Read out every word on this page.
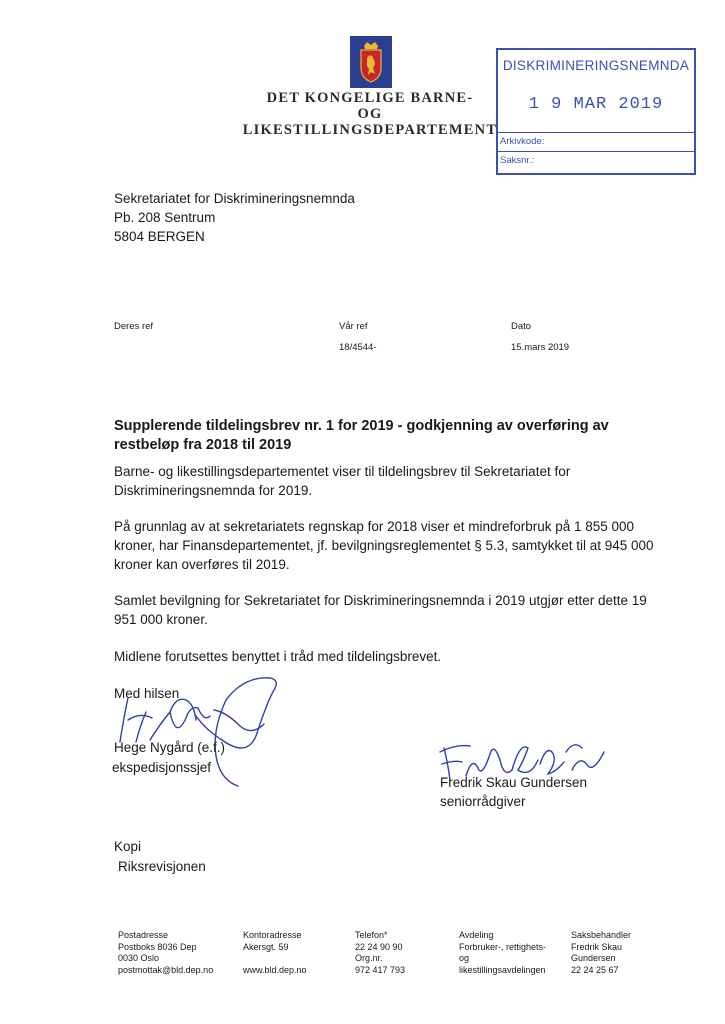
DET KONGELIGE BARNE-
OG LIKESTILLINGSDEPARTEMENT
DISKRIMINERINGSNEMNDA
1 9 MAR 2019
Arkivkode:
Saksnr.:
Sekretariatet for Diskrimineringsnemnda
Pb. 208 Sentrum
5804 BERGEN
Deres ref	Vår ref
18/4544-
Dato
15.mars 2019
Supplerende tildelingsbrev nr. 1 for 2019 - godkjenning av overføring av restbeløp fra 2018 til 2019
Barne- og likestillingsdepartementet viser til tildelingsbrev til Sekretariatet for Diskrimineringsnemnda for 2019.
På grunnlag av at sekretariatets regnskap for 2018 viser et mindreforbruk på 1 855 000 kroner, har Finansdepartementet, jf. bevilgningsreglementet § 5.3, samtykket til at 945 000 kroner kan overføres til 2019.
Samlet bevilgning for Sekretariatet for Diskrimineringsnemnda i 2019 utgjør etter dette 19 951 000 kroner.
Midlene forutsettes benyttet i tråd med tildelingsbrevet.
Med hilsen
Hege Nygård (e.f.)
ekspedisjonssjef
Fredrik Skau Gundersen
seniorrådgiver
Kopi
Riksrevisjonen
Postadresse
Postboks 8036 Dep
0030 Oslo
postmottak@bld.dep.no
Kontoradresse
Akersgt. 59
www.bld.dep.no
Telefon*
22 24 90 90
Org.nr.
972 417 793
Avdeling
Forbruker-, rettighets-
og
likestillingsavdelingen
Saksbehandler
Fredrik Skau
Gundersen
22 24 25 67
